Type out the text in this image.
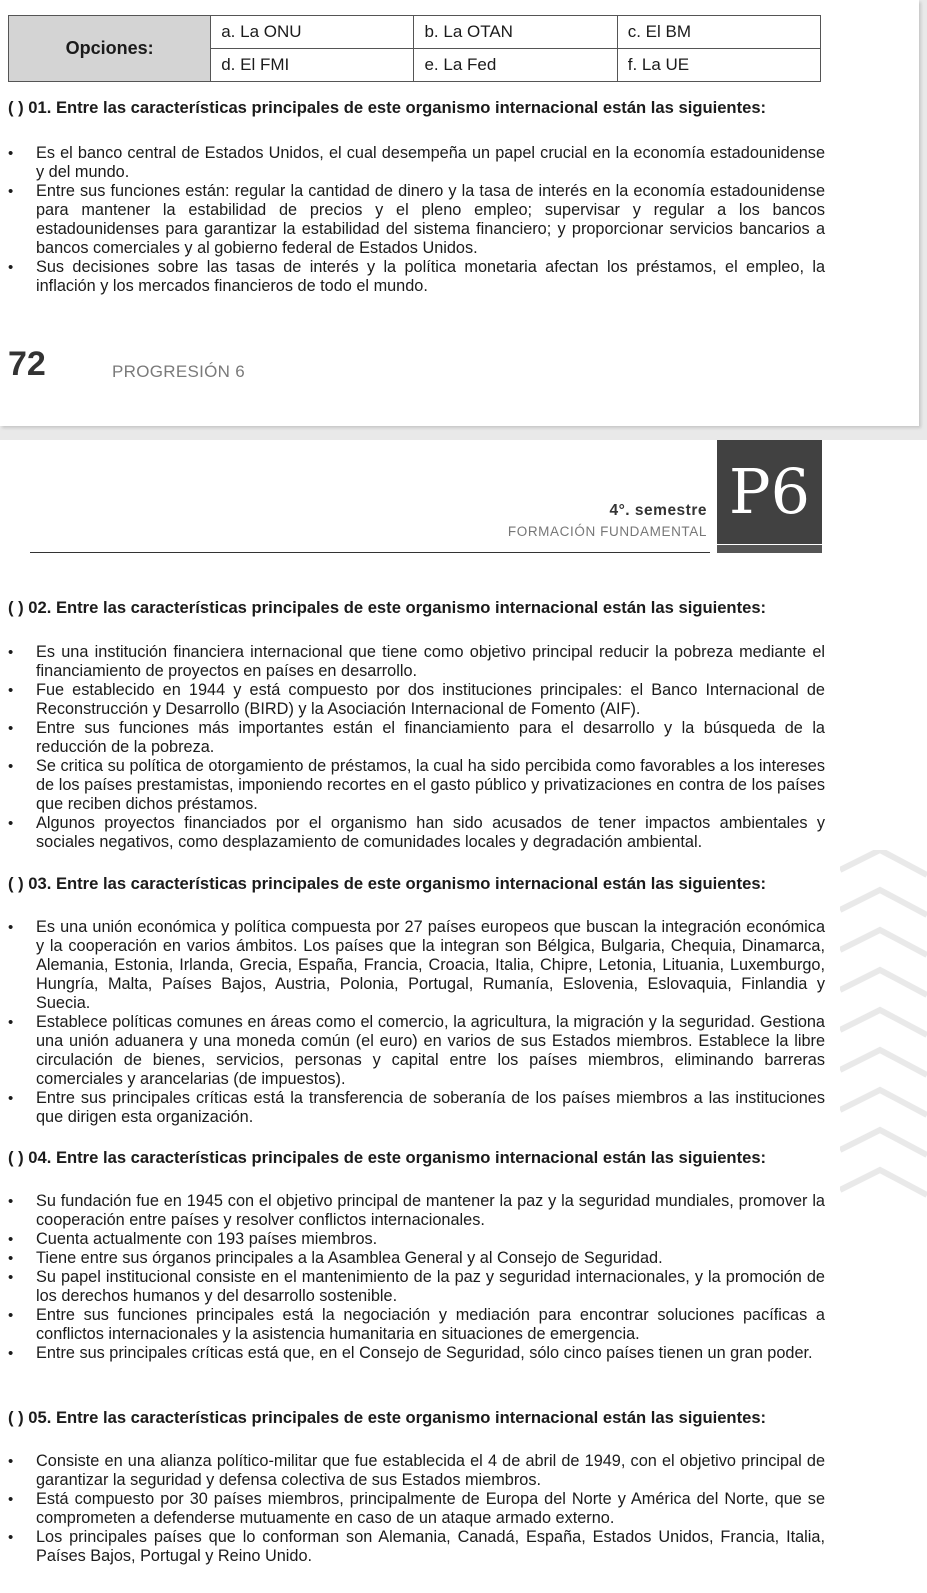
Opciones:	a. La ONU	b. La OTAN	c. El BM
	d. El FMI	e. La Fed	f. La UE
( ) 01. Entre las características principales de este organismo internacional están las siguientes:
• Es el banco central de Estados Unidos, el cual desempeña un papel crucial en la economía estadounidense y del mundo.
• Entre sus funciones están: regular la cantidad de dinero y la tasa de interés en la economía estadounidense para mantener la estabilidad de precios y el pleno empleo; supervisar y regular a los bancos estadounidenses para garantizar la estabilidad del sistema financiero; y proporcionar servicios bancarios a bancos comerciales y al gobierno federal de Estados Unidos.
• Sus decisiones sobre las tasas de interés y la política monetaria afectan los préstamos, el empleo, la inflación y los mercados financieros de todo el mundo.
72	PROGRESIÓN 6
4°. semestre
FORMACIÓN FUNDAMENTAL
P6
( ) 02. Entre las características principales de este organismo internacional están las siguientes:
• Es una institución financiera internacional que tiene como objetivo principal reducir la pobreza mediante el financiamiento de proyectos en países en desarrollo.
• Fue establecido en 1944 y está compuesto por dos instituciones principales: el Banco Internacional de Reconstrucción y Desarrollo (BIRD) y la Asociación Internacional de Fomento (AIF).
• Entre sus funciones más importantes están el financiamiento para el desarrollo y la búsqueda de la reducción de la pobreza.
• Se critica su política de otorgamiento de préstamos, la cual ha sido percibida como favorables a los intereses de los países prestamistas, imponiendo recortes en el gasto público y privatizaciones en contra de los países que reciben dichos préstamos.
• Algunos proyectos financiados por el organismo han sido acusados de tener impactos ambientales y sociales negativos, como desplazamiento de comunidades locales y degradación ambiental.
( ) 03. Entre las características principales de este organismo internacional están las siguientes:
• Es una unión económica y política compuesta por 27 países europeos que buscan la integración económica y la cooperación en varios ámbitos. Los países que la integran son Bélgica, Bulgaria, Chequia, Dinamarca, Alemania, Estonia, Irlanda, Grecia, España, Francia, Croacia, Italia, Chipre, Letonia, Lituania, Luxemburgo, Hungría, Malta, Países Bajos, Austria, Polonia, Portugal, Rumanía, Eslovenia, Eslovaquia, Finlandia y Suecia.
• Establece políticas comunes en áreas como el comercio, la agricultura, la migración y la seguridad. Gestiona una unión aduanera y una moneda común (el euro) en varios de sus Estados miembros. Establece la libre circulación de bienes, servicios, personas y capital entre los países miembros, eliminando barreras comerciales y arancelarias (de impuestos).
• Entre sus principales críticas está la transferencia de soberanía de los países miembros a las instituciones que dirigen esta organización.
( ) 04. Entre las características principales de este organismo internacional están las siguientes:
• Su fundación fue en 1945 con el objetivo principal de mantener la paz y la seguridad mundiales, promover la cooperación entre países y resolver conflictos internacionales.
• Cuenta actualmente con 193 países miembros.
• Tiene entre sus órganos principales a la Asamblea General y al Consejo de Seguridad.
• Su papel institucional consiste en el mantenimiento de la paz y seguridad internacionales, y la promoción de los derechos humanos y del desarrollo sostenible.
• Entre sus funciones principales está la negociación y mediación para encontrar soluciones pacíficas a conflictos internacionales y la asistencia humanitaria en situaciones de emergencia.
• Entre sus principales críticas está que, en el Consejo de Seguridad, sólo cinco países tienen un gran poder.
( ) 05. Entre las características principales de este organismo internacional están las siguientes:
• Consiste en una alianza político-militar que fue establecida el 4 de abril de 1949, con el objetivo principal de garantizar la seguridad y defensa colectiva de sus Estados miembros.
• Está compuesto por 30 países miembros, principalmente de Europa del Norte y América del Norte, que se comprometen a defenderse mutuamente en caso de un ataque armado externo.
• Los principales países que lo conforman son Alemania, Canadá, España, Estados Unidos, Francia, Italia, Países Bajos, Portugal y Reino Unido.
